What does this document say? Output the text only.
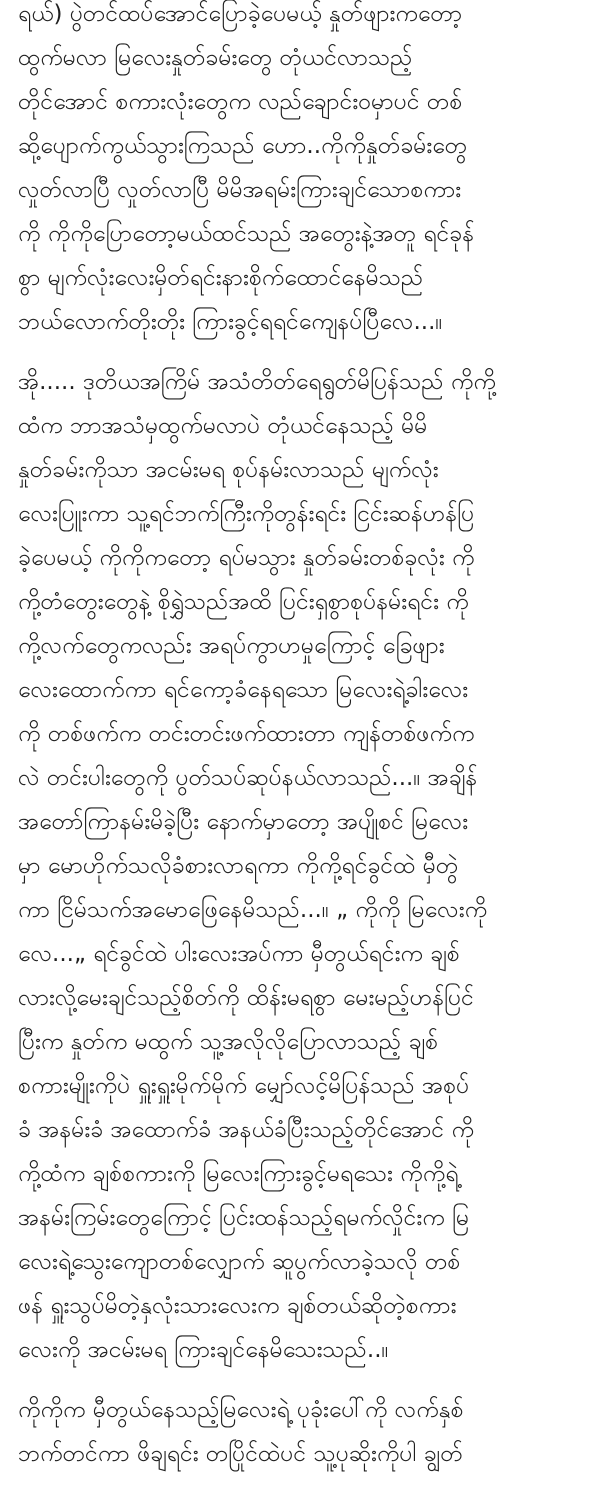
ရယ်) ပွဲတင်ထပ်အောင်ပြောခဲ့ပေမယ့် နှုတ်ဖျားကတော့
ထွက်မလာ မြလေးနှုတ်ခမ်းတွေ တုံယင်လာသည့်
တိုင်အောင် စကားလုံးတွေက လည်ချောင်းဝမှာပင် တစ်
ဆို့ပျောက်ကွယ်သွားကြသည် ဟော..ကိုကိုနှုတ်ခမ်းတွေ
လှုတ်လာပြီ လှုတ်လာပြီ မိမိအရမ်းကြားချင်သောစကား
ကို ကိုကိုပြောတော့မယ်ထင်သည် အတွေးနဲ့အတူ ရင်ခုန်
စွာ မျက်လုံးလေးမှိတ်ရင်းနားစိုက်ထောင်နေမိသည်
ဘယ်လောက်တိုးတိုး ကြားခွင့်ရရင်ကျေနပ်ပြီလေ...။
အို..... ဒုတိယအကြိမ် အသံတိတ်ရေရွတ်မိပြန်သည် ကိုကို့
ထံက ဘာအသံမှထွက်မလာပဲ တုံယင်နေသည့် မိမိ
နှုတ်ခမ်းကိုသာ အငမ်းမရ စုပ်နမ်းလာသည် မျက်လုံး
လေးပြူးကာ သူ့ရင်ဘက်ကြီးကိုတွန်းရင်း ငြင်းဆန်ဟန်ပြ
ခဲ့ပေမယ့် ကိုကိုကတော့ ရပ်မသွား နှုတ်ခမ်းတစ်ခုလုံး ကို
ကို့တံတွေးတွေနဲ့ စိုရွှဲသည်အထိ ပြင်းရှစွာစုပ်နမ်းရင်း ကို
ကို့လက်တွေကလည်း အရပ်ကွာဟမှုကြောင့် ခြေဖျား
လေးထောက်ကာ ရင်ကော့ခံနေရသော မြလေးရဲ့ခါးလေး
ကို တစ်ဖက်က တင်းတင်းဖက်ထားတာ ကျန်တစ်ဖက်က
လဲ တင်းပါးတွေကို ပွတ်သပ်ဆုပ်နယ်လာသည်...။ အချိန်
အတော်ကြာနမ်းမိခဲ့ပြီး နောက်မှာတော့ အပျိုစင် မြလေး
မှာ မောဟိုက်သလိုခံစားလာရကာ ကိုကို့ရင်ခွင်ထဲ မှီတွဲ
ကာ ငြိမ်သက်အမောဖြေနေမိသည်...။ „ ကိုကို မြလေးကို
လေ...„ ရင်ခွင်ထဲ ပါးလေးအပ်ကာ မှီတွယ်ရင်းက ချစ်
လားလို့မေးချင်သည့်စိတ်ကို ထိန်းမရစွာ မေးမည့်ဟန်ပြင်
ပြီးက နှုတ်က မထွက် သူ့အလိုလိုပြောလာသည့် ချစ်
စကားမျိုးကိုပဲ ရှူးရှူးမိုက်မိုက် မျှော်လင့်မိပြန်သည် အစုပ်
ခံ အနမ်းခံ အထောက်ခံ အနယ်ခံပြီးသည့်တိုင်အောင် ကို
ကို့ထံက ချစ်စကားကို မြလေးကြားခွင့်မရသေး ကိုကို့ရဲ့
အနမ်းကြမ်းတွေကြောင့် ပြင်းထန်သည့်ရမက်လှိုင်းက မြ
လေးရဲ့သွေးကျောတစ်လျှောက် ဆူပွက်လာခဲ့သလို တစ်
ဖန် ရှူးသွပ်မိတဲ့နှလုံးသားလေးက ချစ်တယ်ဆိုတဲ့စကား
လေးကို အငမ်းမရ ကြားချင်နေမိသေးသည်..။
ကိုကိုက မှီတွယ်နေသည့်မြလေးရဲ့ ပုခုံးပေါ်ကို လက်နှစ်
ဘက်တင်ကာ ဖိချရင်း တပြိုင်ထဲပင် သူ့ပုဆိုးကိုပါ ချွတ်
